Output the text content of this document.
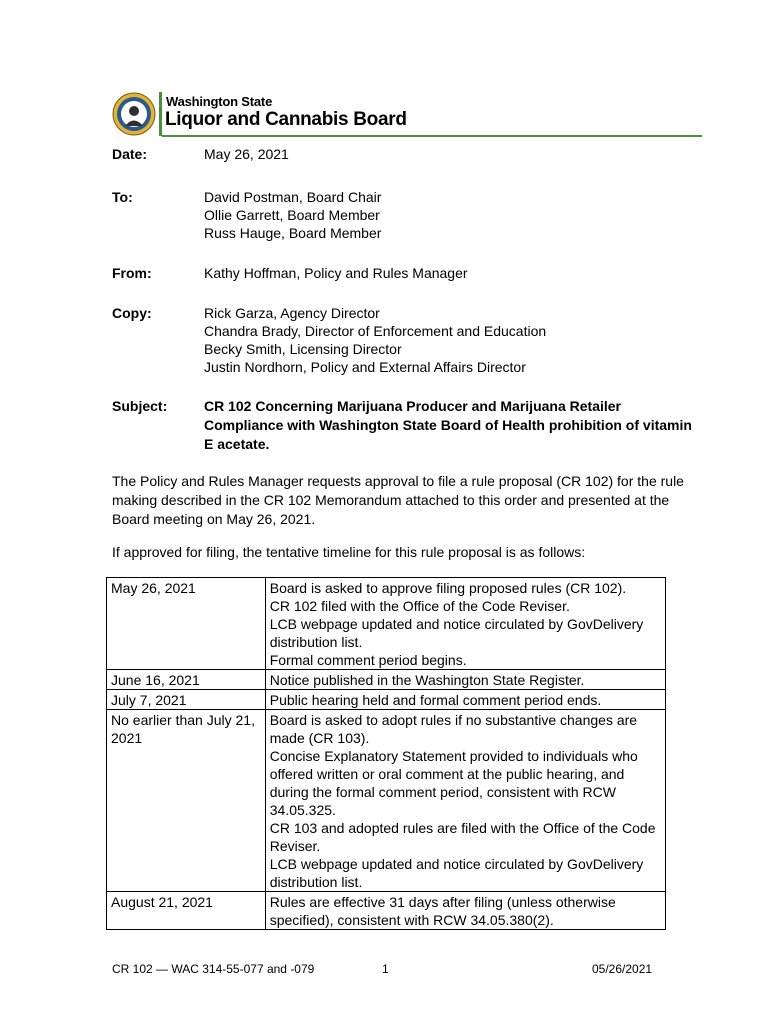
Washington State
Liquor and Cannabis Board
Date:	May 26, 2021
To:	David Postman, Board Chair
Ollie Garrett, Board Member
Russ Hauge, Board Member
From:	Kathy Hoffman, Policy and Rules Manager
Copy:	Rick Garza, Agency Director
Chandra Brady, Director of Enforcement and Education
Becky Smith, Licensing Director
Justin Nordhorn, Policy and External Affairs Director
Subject:	CR 102 Concerning Marijuana Producer and Marijuana Retailer Compliance with Washington State Board of Health prohibition of vitamin E acetate.
The Policy and Rules Manager requests approval to file a rule proposal (CR 102) for the rule making described in the CR 102 Memorandum attached to this order and presented at the Board meeting on May 26, 2021.
If approved for filing, the tentative timeline for this rule proposal is as follows:
May 26, 2021	Board is asked to approve filing proposed rules (CR 102).
CR 102 filed with the Office of the Code Reviser.
LCB webpage updated and notice circulated by GovDelivery distribution list.
Formal comment period begins.

June 16, 2021	Notice published in the Washington State Register.

July 7, 2021	Public hearing held and formal comment period ends.

No earlier than July 21, 2021	Board is asked to adopt rules if no substantive changes are made (CR 103).
Concise Explanatory Statement provided to individuals who offered written or oral comment at the public hearing, and during the formal comment period, consistent with RCW 34.05.325.
CR 103 and adopted rules are filed with the Office of the Code Reviser.
LCB webpage updated and notice circulated by GovDelivery distribution list.

August 21, 2021	Rules are effective 31 days after filing (unless otherwise specified), consistent with RCW 34.05.380(2).
CR 102 — WAC 314-55-077 and -079	1	05/26/2021
